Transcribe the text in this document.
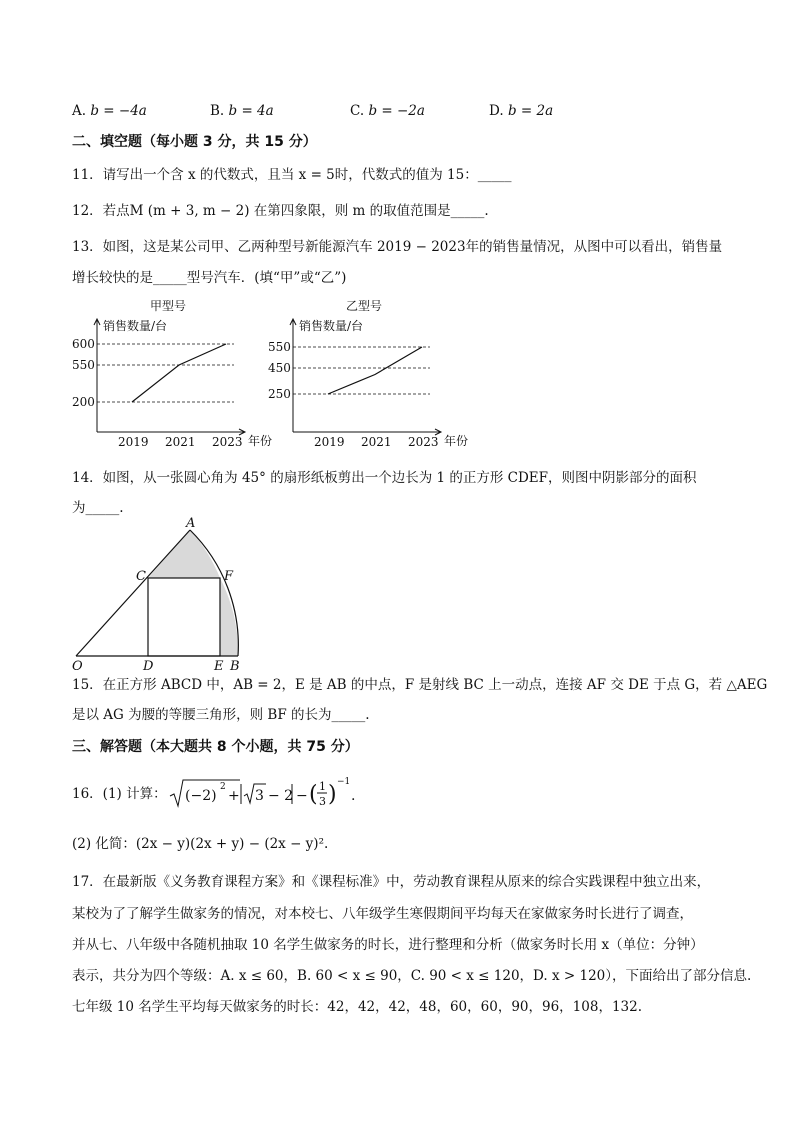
A. b = −4a	B. b = 4a	C. b = −2a	D. b = 2a
二、填空题（每小题 3 分，共 15 分）
11．请写出一个含 x 的代数式，且当 x = 5时，代数式的值为 15：_____
12．若点M (m + 3, m − 2) 在第四象限，则 m 的取值范围是_____.
13．如图，这是某公司甲、乙两种型号新能源汽车 2019 − 2023年的销售量情况，从图中可以看出，销售量
增长较快的是_____型号汽车．(填“甲”或“乙”)
甲型号
销售数量/台
年份
200
550
600
2019 2021 2023
乙型号
销售数量/台
年份
250
450
550
2019 2021 2023
14．如图，从一张圆心角为 45° 的扇形纸板剪出一个边长为 1 的正方形 CDEF，则图中阴影部分的面积
为_____.
A
C	F
O	D	E B
15．在正方形 ABCD 中，AB = 2，E 是 AB 的中点，F 是射线 BC 上一动点，连接 AF 交 DE 于点 G，若 △AEG
是以 AG 为腰的等腰三角形，则 BF 的长为_____.
三、解答题（本大题共 8 个小题，共 75 分）
16．(1) 计算： (−2)
2
+ 3 − 2 − ( 1
3 ) −1
.
(2) 化简：(2x − y)(2x + y) − (2x − y)².
17．在最新版《义务教育课程方案》和《课程标准》中，劳动教育课程从原来的综合实践课程中独立出来，
某校为了了解学生做家务的情况，对本校七、八年级学生寒假期间平均每天在家做家务时长进行了调查，
并从七、八年级中各随机抽取 10 名学生做家务的时长，进行整理和分析（做家务时长用 x（单位：分钟）
表示，共分为四个等级：A. x ≤ 60，B. 60 < x ≤ 90，C. 90 < x ≤ 120，D. x > 120），下面给出了部分信息.
七年级 10 名学生平均每天做家务的时长：42，42，42，48，60，60，90，96，108，132.
